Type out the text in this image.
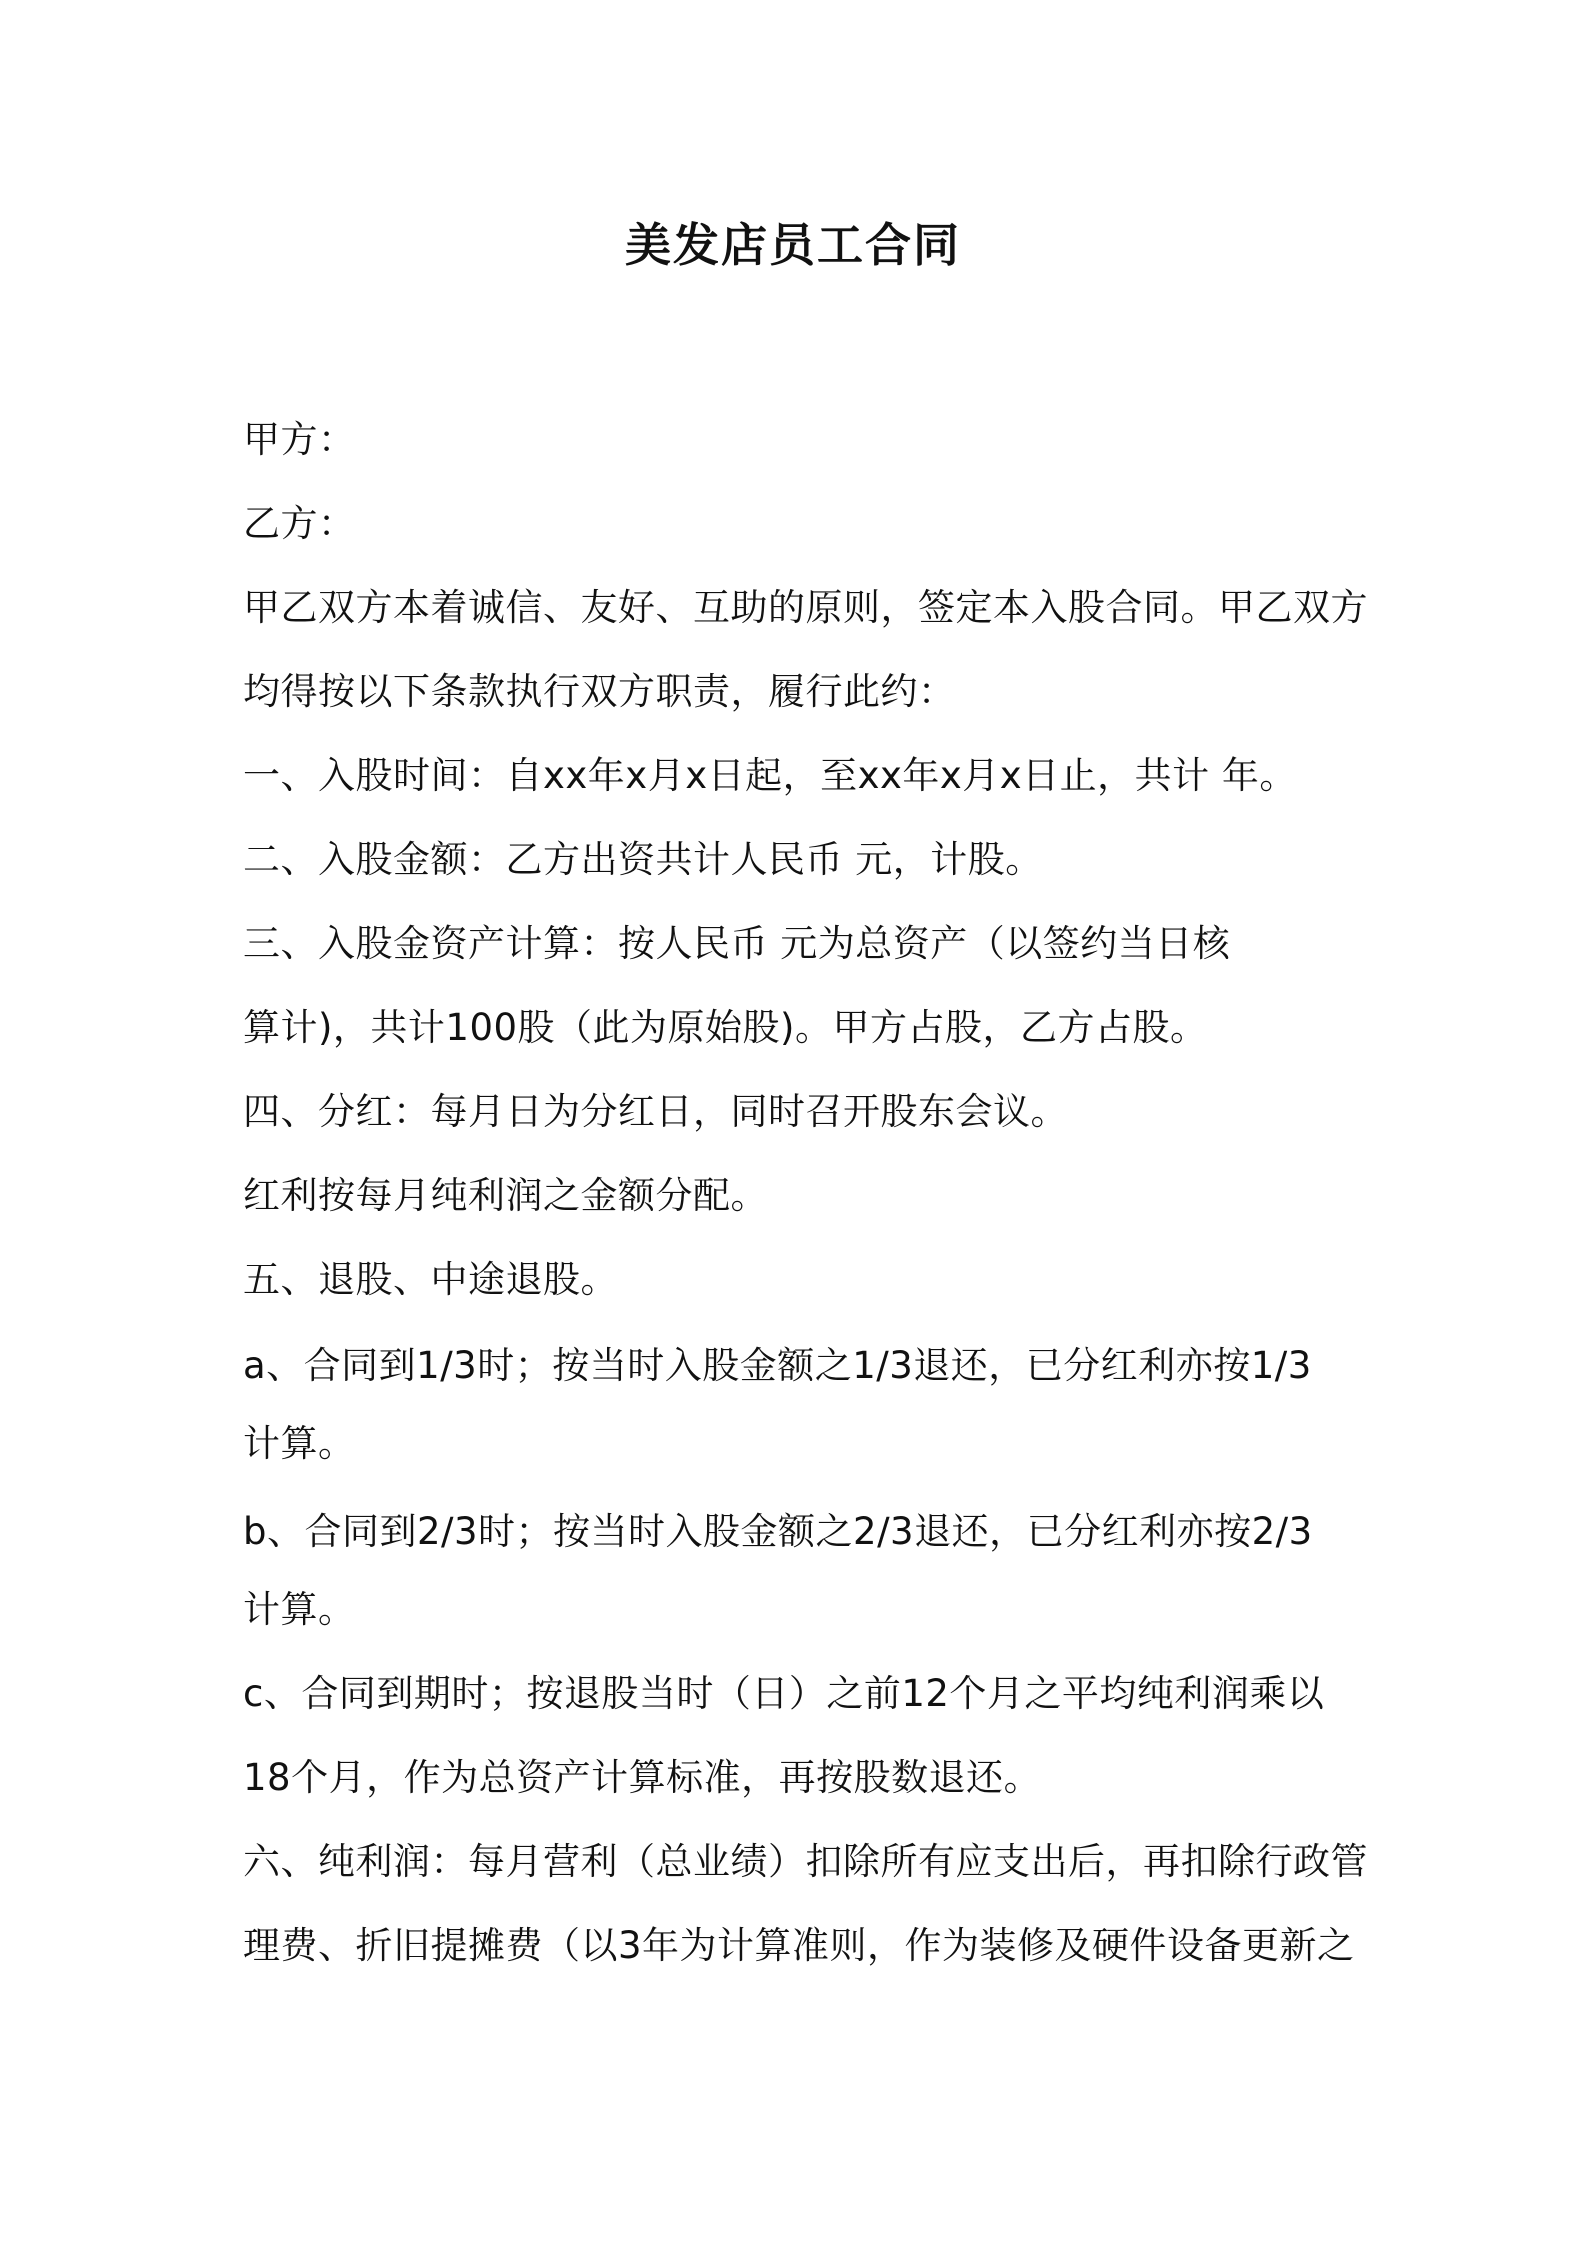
美发店员工合同
甲方：
乙方：
甲乙双方本着诚信、友好、互助的原则，签定本入股合同。甲乙双方
均得按以下条款执行双方职责，履行此约：
一、入股时间：自xx年x月x日起，至xx年x月x日止，共计 年。
二、入股金额：乙方出资共计人民币 元，计股。
三、入股金资产计算：按人民币 元为总资产（以签约当日核
算计)，共计100股（此为原始股)。甲方占股，乙方占股。
四、分红：每月日为分红日，同时召开股东会议。
红利按每月纯利润之金额分配。
五、退股、中途退股。
a、合同到1/3时；按当时入股金额之1/3退还，已分红利亦按1/3
计算。
b、合同到2/3时；按当时入股金额之2/3退还，已分红利亦按2/3
计算。
c、合同到期时；按退股当时（日）之前12个月之平均纯利润乘以
18个月，作为总资产计算标准，再按股数退还。
六、纯利润：每月营利（总业绩）扣除所有应支出后，再扣除行政管
理费、折旧提摊费（以3年为计算准则，作为装修及硬件设备更新之
